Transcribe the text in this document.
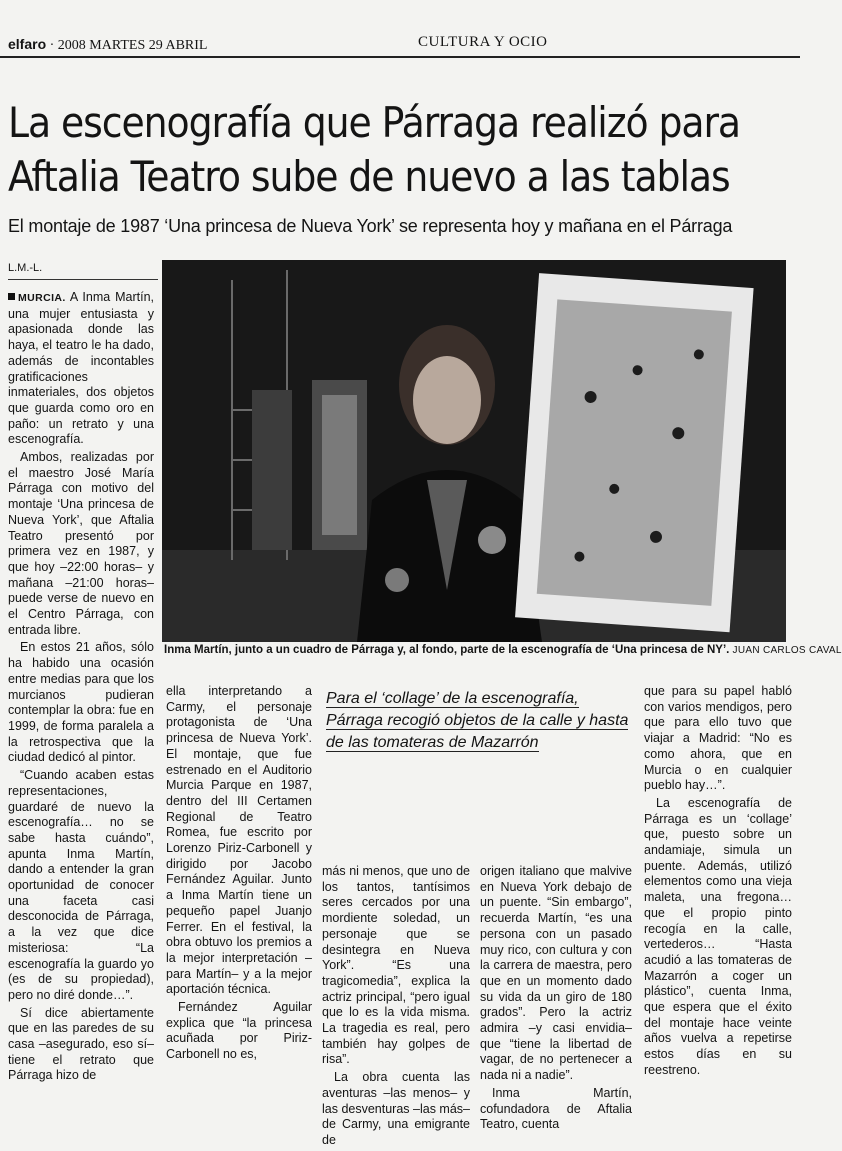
elfaro · 2008 MARTES 29 ABRIL	CULTURA Y OCIO
La escenografía que Párraga realizó para
Aftalia Teatro sube de nuevo a las tablas
El montaje de 1987 ‘Una princesa de Nueva York’ se representa hoy y mañana en el Párraga
L.M.-L.
Inma Martín, junto a un cuadro de Párraga y, al fondo, parte de la escenografía de ‘Una princesa de NY’. JUAN CARLOS CAVAL

MURCIA. A Inma Martín, una mujer entusiasta y apasionada donde las haya, el teatro le ha dado, además de incontables gratificaciones inmateriales, dos objetos que guarda como oro en paño: un retrato y una escenografía.

Ambos, realizadas por el maestro José María Párraga con motivo del montaje ‘Una princesa de Nueva York’, que Aftalia Teatro presentó por primera vez en 1987, y que hoy –22:00 horas– y mañana –21:00 horas– puede verse de nuevo en el Centro Párraga, con entrada libre.

En estos 21 años, sólo ha habido una ocasión entre medias para que los murcianos pudieran contemplar la obra: fue en 1999, de forma paralela a la retrospectiva que la ciudad dedicó al pintor.

“Cuando acaben estas representaciones, guardaré de nuevo la escenografía… no se sabe hasta cuándo”, apunta Inma Martín, dando a entender la gran oportunidad de conocer una faceta casi desconocida de Párraga, a la vez que dice misteriosa: “La escenografía la guardo yo (es de su propiedad), pero no diré donde…”.

Sí dice abiertamente que en las paredes de su casa –asegurado, eso sí– tiene el retrato que Párraga hizo de

ella interpretando a Carmy, el personaje protagonista de ‘Una princesa de Nueva York’. El montaje, que fue estrenado en el Auditorio Murcia Parque en 1987, dentro del III Certamen Regional de Teatro Romea, fue escrito por Lorenzo Piriz-Carbonell y dirigido por Jacobo Fernández Aguilar. Junto a Inma Martín tiene un pequeño papel Juanjo Ferrer. En el festival, la obra obtuvo los premios a la mejor interpretación –para Martín– y a la mejor aportación técnica.

Fernández Aguilar explica que “la princesa acuñada por Piriz-Carbonell no es,

Para el ‘collage’ de la escenografía, Párraga recogió objetos de la calle y hasta de las tomateras de Mazarrón

más ni menos, que uno de los tantos, tantísimos seres cercados por una mordiente soledad, un personaje que se desintegra en Nueva York”. “Es una tragicomedia”, explica la actriz principal, “pero igual que lo es la vida misma. La tragedia es real, pero también hay golpes de risa”.

La obra cuenta las aventuras –las menos– y las desventuras –las más– de Carmy, una emigrante de

origen italiano que malvive en Nueva York debajo de un puente. “Sin embargo”, recuerda Martín, “es una persona con un pasado muy rico, con cultura y con la carrera de maestra, pero que en un momento dado su vida da un giro de 180 grados”. Pero la actriz admira –y casi envidia– que “tiene la libertad de vagar, de no pertenecer a nada ni a nadie”.

Inma Martín, cofundadora de Aftalia Teatro, cuenta

que para su papel habló con varios mendigos, pero que para ello tuvo que viajar a Madrid: “No es como ahora, que en Murcia o en cualquier pueblo hay…”.

La escenografía de Párraga es un ‘collage’ que, puesto sobre un andamiaje, simula un puente. Además, utilizó elementos como una vieja maleta, una fregona… que el propio pinto recogía en la calle, vertederos… “Hasta acudió a las tomateras de Mazarrón a coger un plástico”, cuenta Inma, que espera que el éxito del montaje hace veinte años vuelva a repetirse estos días en su reestreno.
